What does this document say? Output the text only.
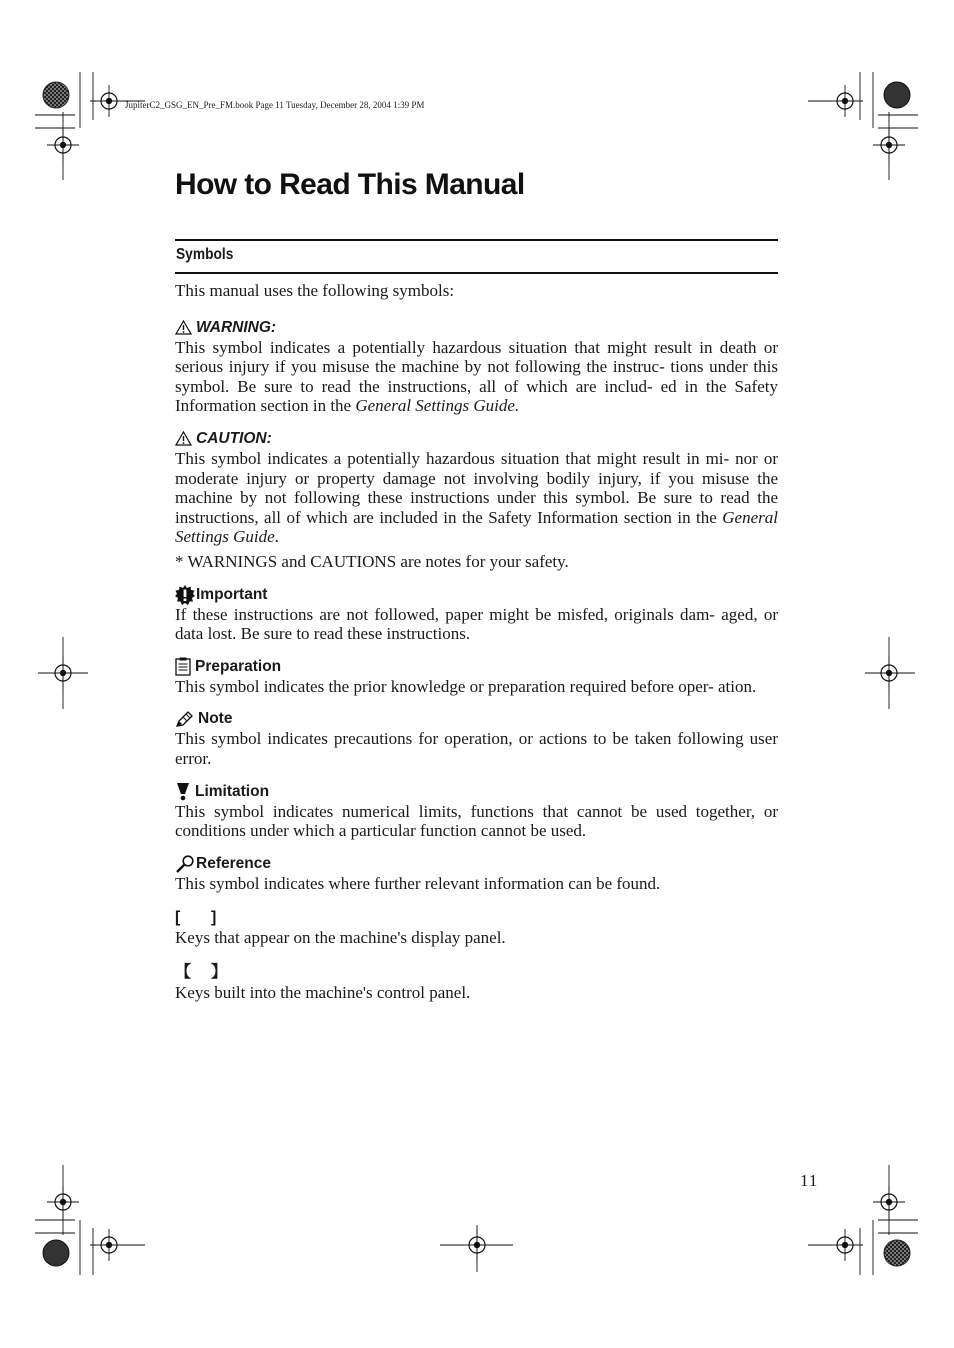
JupiterC2_GSG_EN_Pre_FM.book Page 11 Tuesday, December 28, 2004 1:39 PM
How to Read This Manual
Symbols

This manual uses the following symbols:

WARNING:

This symbol indicates a potentially hazardous situation that might result in death or serious injury if you misuse the machine by not following the instruc- tions under this symbol. Be sure to read the instructions, all of which are includ- ed in the Safety Information section in the General Settings Guide.

CAUTION:

This symbol indicates a potentially hazardous situation that might result in mi- nor or moderate injury or property damage not involving bodily injury, if you misuse the machine by not following these instructions under this symbol. Be sure to read the instructions, all of which are included in the Safety Information section in the General Settings Guide.

* WARNINGS and CAUTIONS are notes for your safety.

Important

If these instructions are not followed, paper might be misfed, originals dam- aged, or data lost. Be sure to read these instructions.

Preparation

This symbol indicates the prior knowledge or preparation required before oper- ation.

Note

This symbol indicates precautions for operation, or actions to be taken following user error.

Limitation

This symbol indicates numerical limits, functions that cannot be used together, or conditions under which a particular function cannot be used.

Reference

This symbol indicates where further relevant information can be found.

[	]

Keys that appear on the machine's display panel.

【	】

Keys built into the machine's control panel.

11
